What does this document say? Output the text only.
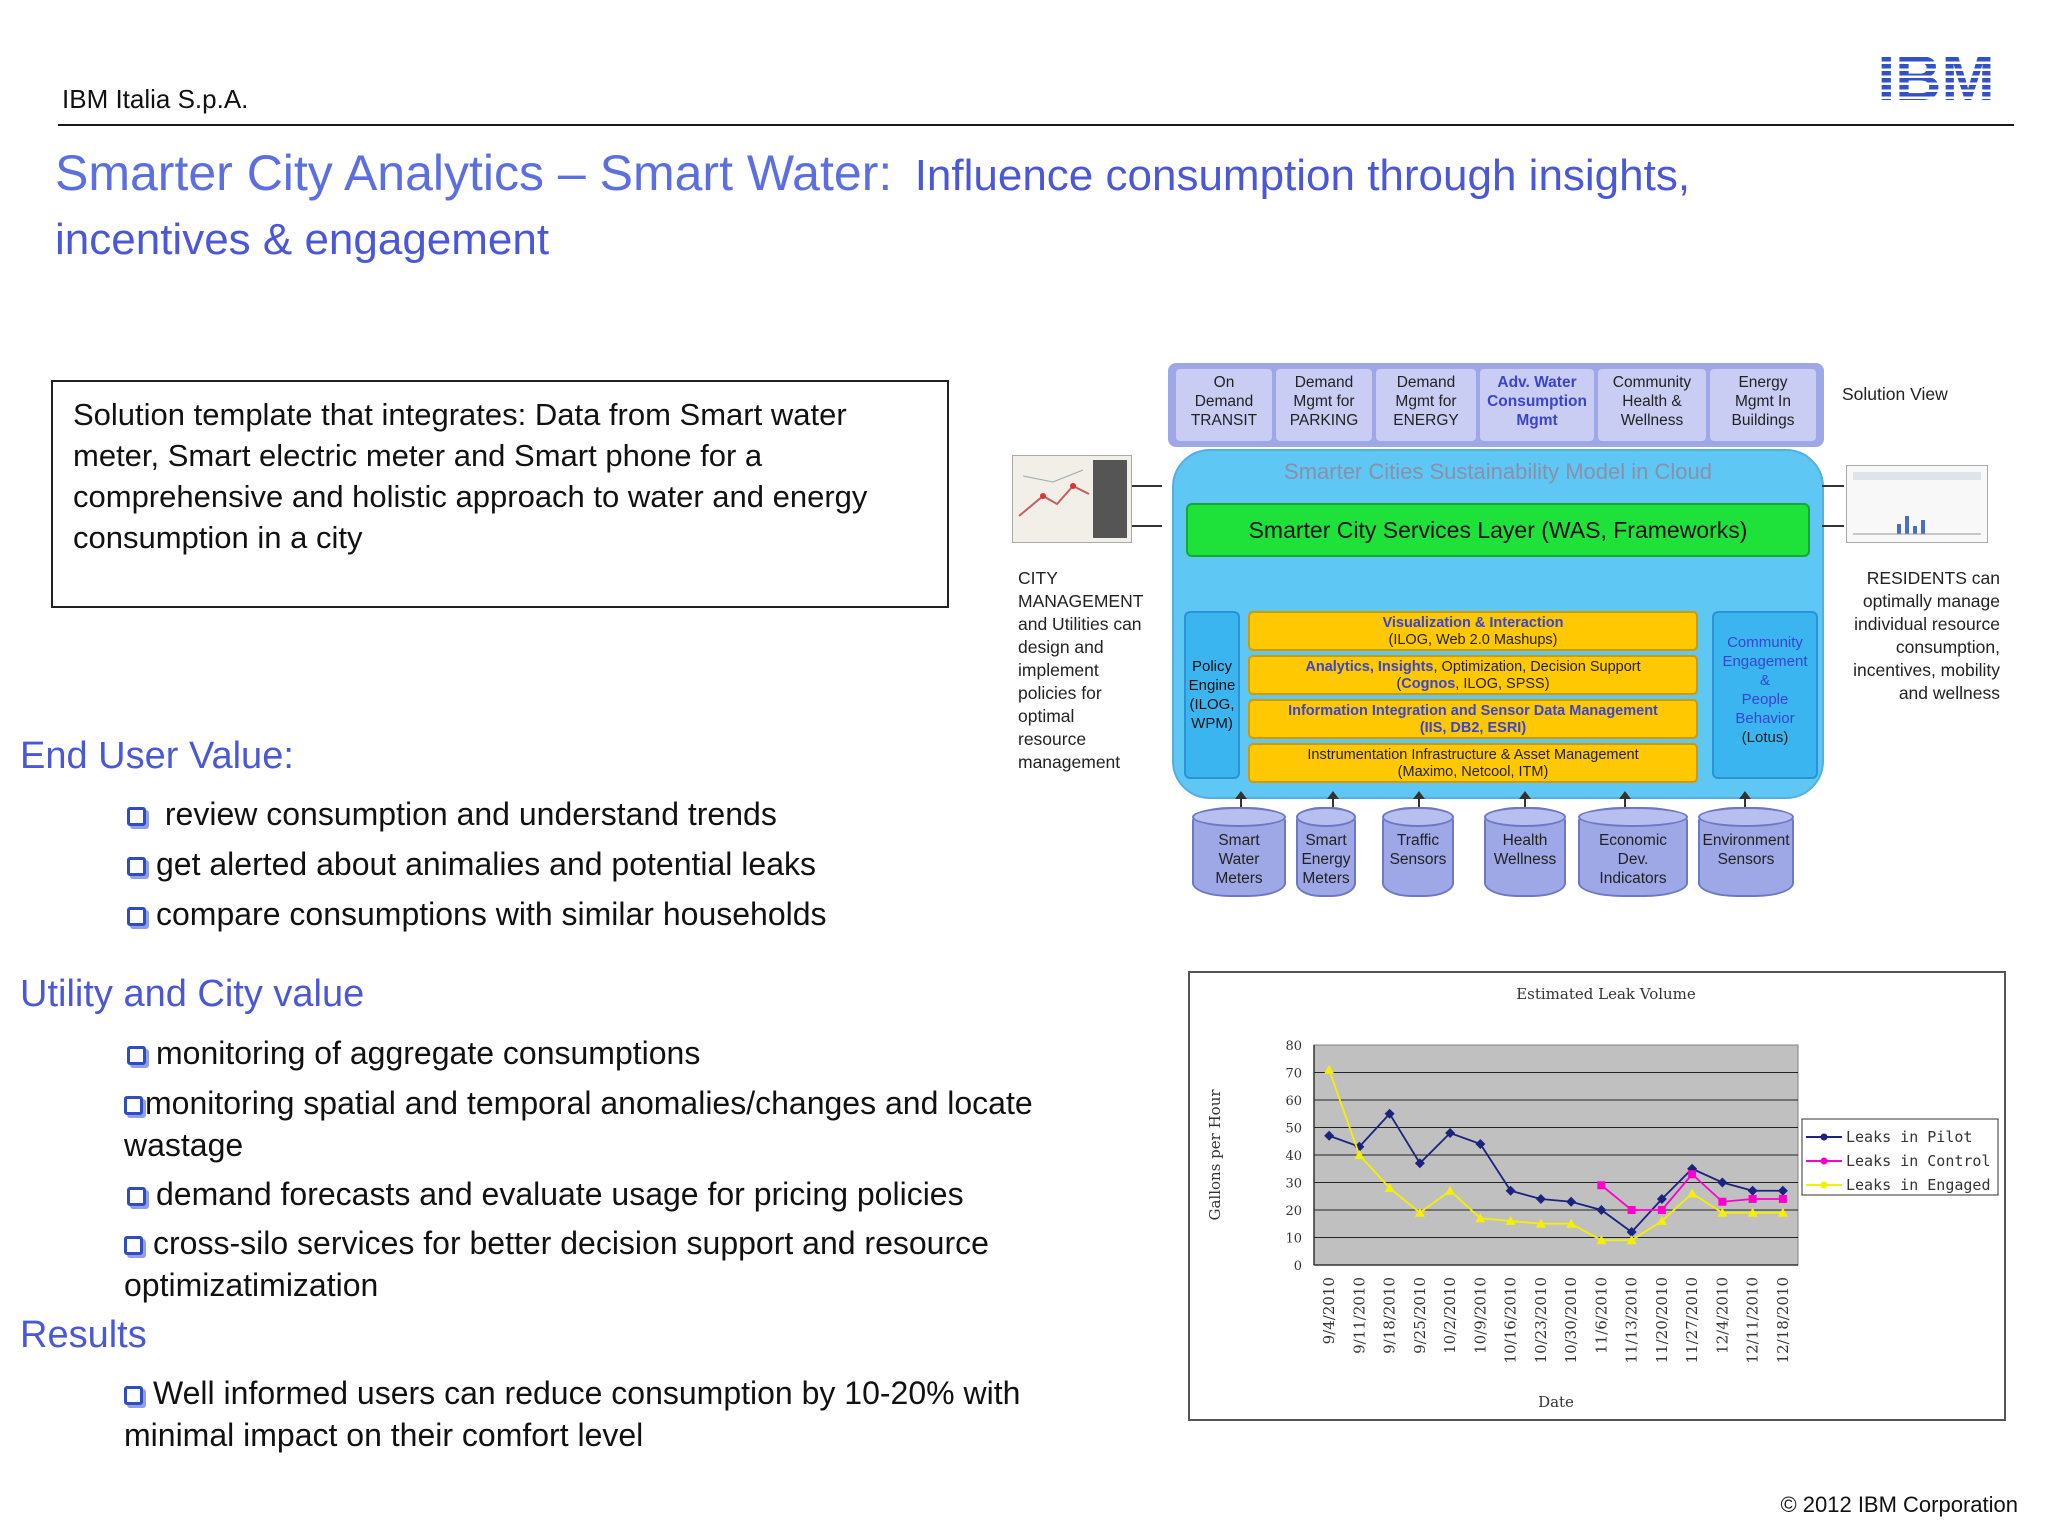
IBM Italia S.p.A.	IBM
Smarter City Analytics – Smart Water: Influence consumption through insights,
incentives & engagement
Solution template that integrates: Data from Smart water meter, Smart electric meter and Smart phone for a comprehensive and holistic approach to water and energy consumption in a city
End User Value:
review consumption and understand trends
get alerted about animalies and potential leaks
compare consumptions with similar households
Utility and City value
monitoring of aggregate consumptions
monitoring spatial and temporal anomalies/changes and locate wastage
demand forecasts and evaluate usage for pricing policies
cross-silo services for better decision support and resource optimizatimization
Results
Well informed users can reduce consumption by 10-20% with minimal impact on their comfort level
© 2012 IBM Corporation
On
Demand
TRANSIT
Demand
Mgmt for
PARKING
Demand
Mgmt for
ENERGY
Adv. Water
Consumption
Mgmt
Community
Health &
Wellness
Energy
Mgmt In
Buildings
Solution View
Smarter Cities Sustainability Model in Cloud
Smarter City Services Layer (WAS, Frameworks)
Policy
Engine
(ILOG,
WPM)
Community
Engagement
&
People
Behavior
(Lotus)
Visualization & Interaction
(ILOG, Web 2.0 Mashups)
Analytics, Insights, Optimization, Decision Support
(Cognos, ILOG, SPSS)
Information Integration and Sensor Data Management
(IIS, DB2, ESRI)
Instrumentation Infrastructure & Asset Management
(Maximo, Netcool, ITM)
CITY
MANAGEMENT
and Utilities can
design and
implement
policies for
optimal
resource
management
RESIDENTS can
optimally manage
individual resource
consumption,
incentives, mobility
and wellness
Smart
Water
Meters
Smart
Energy
Meters
Traffic
Sensors
Health
Wellness
Economic
Dev.
Indicators
Environment
Sensors
0
10
20
30
40
50
60
70
80
9/4/2010 9/11/2010 9/18/2010 9/25/2010 10/2/2010 10/9/2010 10/16/2010 10/23/2010 10/30/2010 11/6/2010 11/13/2010 11/20/2010 11/27/2010 12/4/2010 12/11/2010 12/18/2010
Estimated Leak Volume
Date
Gallons per Hour	Leaks in Pilot
Leaks in Control
Leaks in Engaged
